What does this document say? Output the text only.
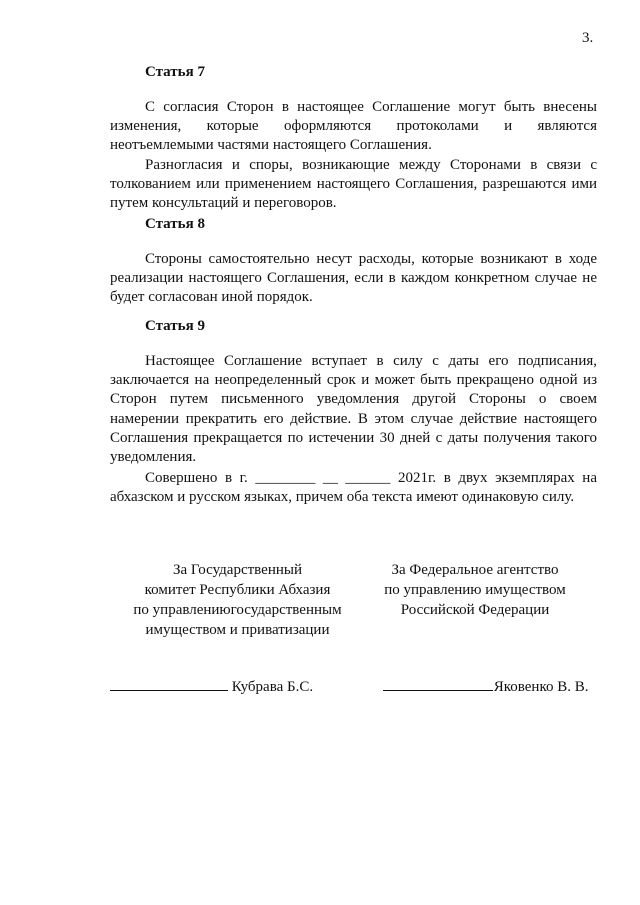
3.
Статья 7

С согласия Сторон в настоящее Соглашение могут быть внесены
изменения, которые оформляются протоколами и являются
неотъемлемыми частями настоящего Соглашения.

Разногласия и споры, возникающие между Сторонами в связи с
толкованием или применением настоящего Соглашения, разрешаются ими
путем консультаций и переговоров.

Статья 8

Стороны самостоятельно несут расходы, которые возникают в ходе
реализации настоящего Соглашения, если в каждом конкретном случае не
будет согласован иной порядок.

Статья 9

Настоящее Соглашение вступает в силу с даты его подписания,
заключается на неопределенный срок и может быть прекращено одной из
Сторон путем письменного уведомления другой Стороны о своем
намерении прекратить его действие. В этом случае действие настоящего
Соглашения прекращается по истечении 30 дней с даты получения такого
уведомления.

Совершено в г. ________ __ ______ 2021г. в двух экземплярах на
абхазском и русском языках, причем оба текста имеют одинаковую силу.

За Государственный
комитет Республики Абхазия
по управлениюгосударственным
имуществом и приватизации
За Федеральное агентство
по управлению имуществом
Российской Федерации
Кубрава Б.С.	Яковенко В. В.
